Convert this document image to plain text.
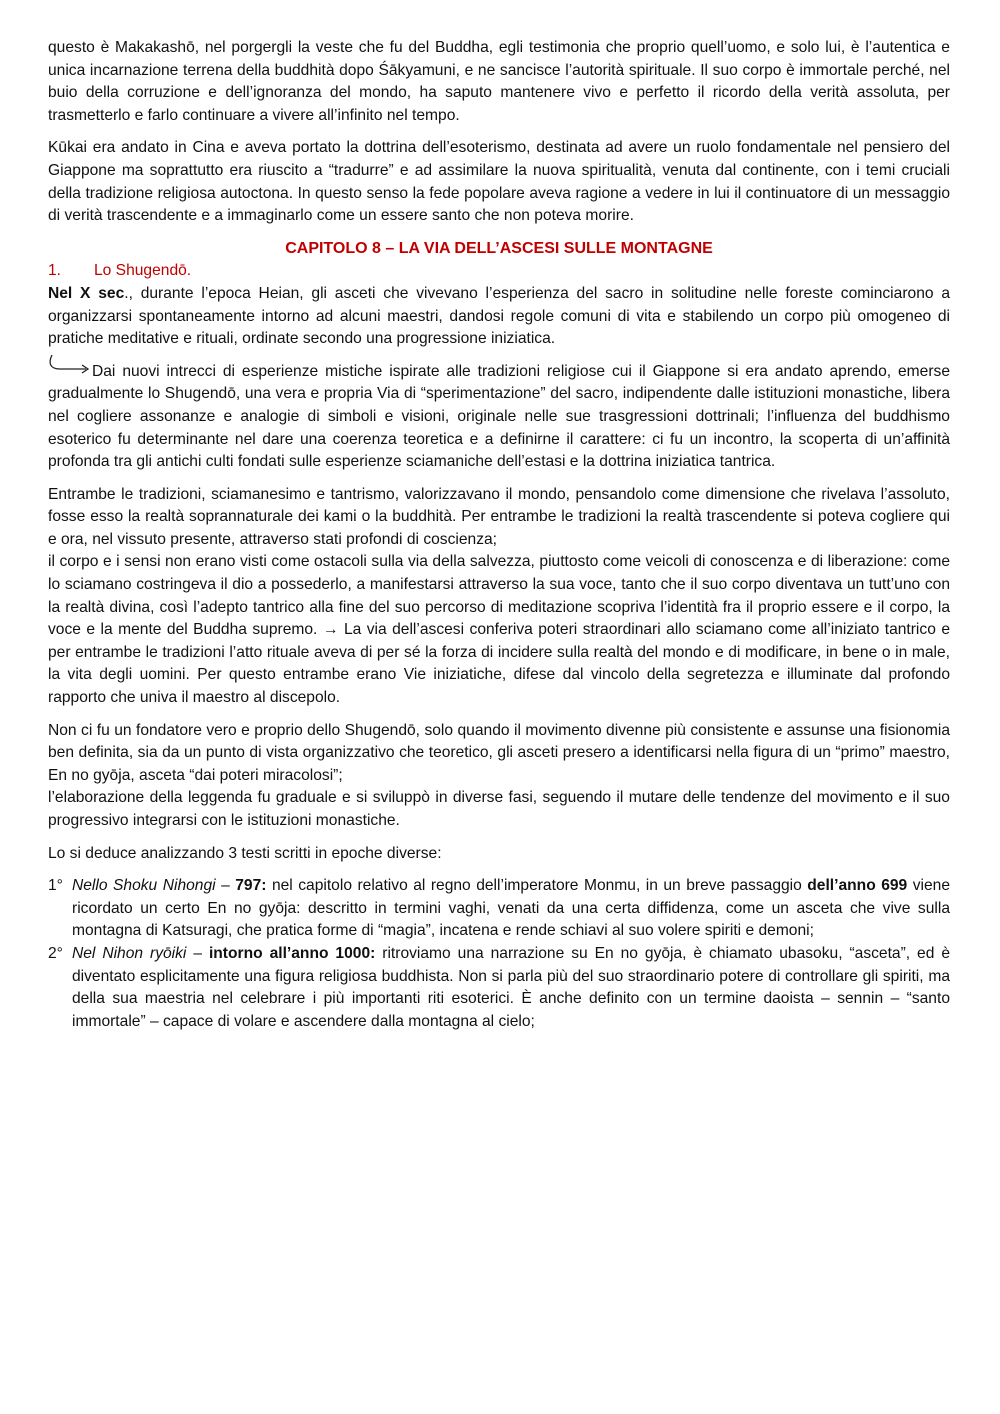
questo è Makakashō, nel porgergli la veste che fu del Buddha, egli testimonia che proprio quell’uomo, e solo lui, è l’autentica e unica incarnazione terrena della buddhità dopo Śākyamuni, e ne sancisce l’autorità spirituale. Il suo corpo è immortale perché, nel buio della corruzione e dell’ignoranza del mondo, ha saputo mantenere vivo e perfetto il ricordo della verità assoluta, per trasmetterlo e farlo continuare a vivere all’infinito nel tempo.

Kūkai era andato in Cina e aveva portato la dottrina dell’esoterismo, destinata ad avere un ruolo fondamentale nel pensiero del Giappone ma soprattutto era riuscito a “tradurre” e ad assimilare la nuova spiritualità, venuta dal continente, con i temi cruciali della tradizione religiosa autoctona. In questo senso la fede popolare aveva ragione a vedere in lui il continuatore di un messaggio di verità trascendente e a immaginarlo come un essere santo che non poteva morire.

CAPITOLO 8 – LA VIA DELL’ASCESI SULLE MONTAGNE
1. Lo Shugendō.

Nel X sec., durante l’epoca Heian, gli asceti che vivevano l’esperienza del sacro in solitudine nelle foreste cominciarono a organizzarsi spontaneamente intorno ad alcuni maestri, dandosi regole comuni di vita e stabilendo un corpo più omogeneo di pratiche meditative e rituali, ordinate secondo una progressione iniziatica.

Dai nuovi intrecci di esperienze mistiche ispirate alle tradizioni religiose cui il Giappone si era andato aprendo, emerse gradualmente lo Shugendō, una vera e propria Via di “sperimentazione” del sacro, indipendente dalle istituzioni monastiche, libera nel cogliere assonanze e analogie di simboli e visioni, originale nelle sue trasgressioni dottrinali; l’influenza del buddhismo esoterico fu determinante nel dare una coerenza teoretica e a definirne il carattere: ci fu un incontro, la scoperta di un’affinità profonda tra gli antichi culti fondati sulle esperienze sciamaniche dell’estasi e la dottrina iniziatica tantrica.

Entrambe le tradizioni, sciamanesimo e tantrismo, valorizzavano il mondo, pensandolo come dimensione che rivelava l’assoluto, fosse esso la realtà soprannaturale dei kami o la buddhità. Per entrambe le tradizioni la realtà trascendente si poteva cogliere qui e ora, nel vissuto presente, attraverso stati profondi di coscienza;
il corpo e i sensi non erano visti come ostacoli sulla via della salvezza, piuttosto come veicoli di conoscenza e di liberazione: come lo sciamano costringeva il dio a possederlo, a manifestarsi attraverso la sua voce, tanto che il suo corpo diventava un tutt’uno con la realtà divina, così l’adepto tantrico alla fine del suo percorso di meditazione scopriva l’identità fra il proprio essere e il corpo, la voce e la mente del Buddha supremo. → La via dell’ascesi conferiva poteri straordinari allo sciamano come all’iniziato tantrico e per entrambe le tradizioni l’atto rituale aveva di per sé la forza di incidere sulla realtà del mondo e di modificare, in bene o in male, la vita degli uomini. Per questo entrambe erano Vie iniziatiche, difese dal vincolo della segretezza e illuminate dal profondo rapporto che univa il maestro al discepolo.

Non ci fu un fondatore vero e proprio dello Shugendō, solo quando il movimento divenne più consistente e assunse una fisionomia ben definita, sia da un punto di vista organizzativo che teoretico, gli asceti presero a identificarsi nella figura di un “primo” maestro, En no gyōja, asceta “dai poteri miracolosi”;
l’elaborazione della leggenda fu graduale e si sviluppò in diverse fasi, seguendo il mutare delle tendenze del movimento e il suo progressivo integrarsi con le istituzioni monastiche.

Lo si deduce analizzando 3 testi scritti in epoche diverse:

1° Nello Shoku Nihongi – 797: nel capitolo relativo al regno dell’imperatore Monmu, in un breve passaggio dell’anno 699 viene ricordato un certo En no gyōja: descritto in termini vaghi, venati da una certa diffidenza, come un asceta che vive sulla montagna di Katsuragi, che pratica forme di “magia”, incatena e rende schiavi al suo volere spiriti e demoni;
2° Nel Nihon ryōiki – intorno all’anno 1000: ritroviamo una narrazione su En no gyōja, è chiamato ubasoku, “asceta”, ed è diventato esplicitamente una figura religiosa buddhista. Non si parla più del suo straordinario potere di controllare gli spiriti, ma della sua maestria nel celebrare i più importanti riti esoterici. È anche definito con un termine daoista – sennin – “santo immortale” – capace di volare e ascendere dalla montagna al cielo;
